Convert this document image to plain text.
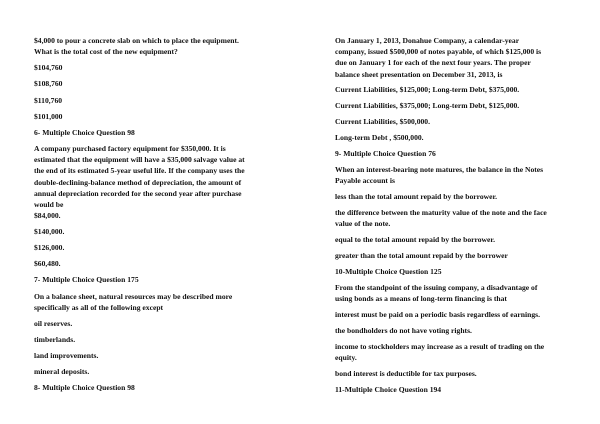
$4,000 to pour a concrete slab on which to place the equipment.
What is the total cost of the new equipment?
$104,760
$108,760
$110,760
$101,000
6- Multiple Choice Question 98
A company purchased factory equipment for $350,000. It is
estimated that the equipment will have a $35,000 salvage value at
the end of its estimated 5-year useful life. If the company uses the
double-declining-balance method of depreciation, the amount of
annual depreciation recorded for the second year after purchase
would be
$84,000.
$140,000.
$126,000.
$60,480.
7- Multiple Choice Question 175
On a balance sheet, natural resources may be described more
specifically as all of the following except
oil reserves.
timberlands.
land improvements.
mineral deposits.
8- Multiple Choice Question 98
On January 1, 2013, Donahue Company, a calendar-year
company, issued $500,000 of notes payable, of which $125,000 is
due on January 1 for each of the next four years. The proper
balance sheet presentation on December 31, 2013, is
Current Liabilities, $125,000; Long-term Debt, $375,000.
Current Liabilities, $375,000; Long-term Debt, $125,000.
Current Liabilities, $500,000.
Long-term Debt , $500,000.
9- Multiple Choice Question 76
When an interest-bearing note matures, the balance in the Notes
Payable account is
less than the total amount repaid by the borrower.
the difference between the maturity value of the note and the face
value of the note.
equal to the total amount repaid by the borrower.
greater than the total amount repaid by the borrower
10-Multiple Choice Question 125
From the standpoint of the issuing company, a disadvantage of
using bonds as a means of long-term financing is that
interest must be paid on a periodic basis regardless of earnings.
the bondholders do not have voting rights.
income to stockholders may increase as a result of trading on the
equity.
bond interest is deductible for tax purposes.
11-Multiple Choice Question 194
